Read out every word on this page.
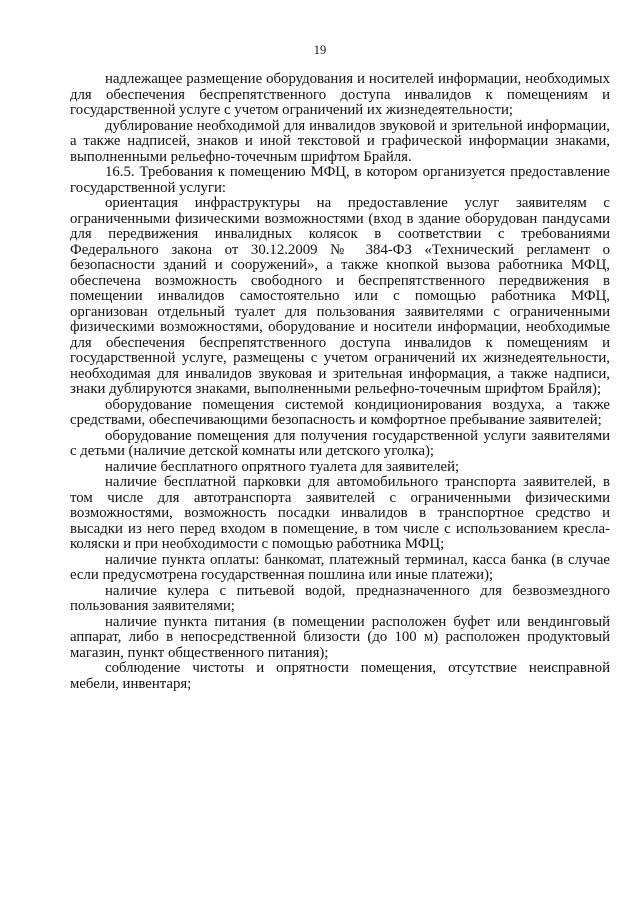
19

надлежащее размещение оборудования и носителей информации, необходимых для обеспечения беспрепятственного доступа инвалидов к помещениям и государственной услуге с учетом ограничений их жизнедеятельности;

дублирование необходимой для инвалидов звуковой и зрительной информации, а также надписей, знаков и иной текстовой и графической информации знаками, выполненными рельефно-точечным шрифтом Брайля.

16.5. Требования к помещению МФЦ, в котором организуется предоставление государственной услуги:

ориентация инфраструктуры на предоставление услуг заявителям с ограниченными физическими возможностями (вход в здание оборудован пандусами для передвижения инвалидных колясок в соответствии с требованиями Федерального закона от 30.12.2009 № 384-ФЗ «Технический регламент о безопасности зданий и сооружений», а также кнопкой вызова работника МФЦ, обеспечена возможность свободного и беспрепятственного передвижения в помещении инвалидов самостоятельно или с помощью работника МФЦ, организован отдельный туалет для пользования заявителями с ограниченными физическими возможностями, оборудование и носители информации, необходимые для обеспечения беспрепятственного доступа инвалидов к помещениям и государственной услуге, размещены с учетом ограничений их жизнедеятельности, необходимая для инвалидов звуковая и зрительная информация, а также надписи, знаки дублируются знаками, выполненными рельефно-точечным шрифтом Брайля);

оборудование помещения системой кондиционирования воздуха, а также средствами, обеспечивающими безопасность и комфортное пребывание заявителей;

оборудование помещения для получения государственной услуги заявителями с детьми (наличие детской комнаты или детского уголка);

наличие бесплатного опрятного туалета для заявителей;

наличие бесплатной парковки для автомобильного транспорта заявителей, в том числе для автотранспорта заявителей с ограниченными физическими возможностями, возможность посадки инвалидов в транспортное средство и высадки из него перед входом в помещение, в том числе с использованием кресла-коляски и при необходимости с помощью работника МФЦ;

наличие пункта оплаты: банкомат, платежный терминал, касса банка (в случае если предусмотрена государственная пошлина или иные платежи);

наличие кулера с питьевой водой, предназначенного для безвозмездного пользования заявителями;

наличие пункта питания (в помещении расположен буфет или вендинговый аппарат, либо в непосредственной близости (до 100 м) расположен продуктовый магазин, пункт общественного питания);

соблюдение чистоты и опрятности помещения, отсутствие неисправной мебели, инвентаря;
